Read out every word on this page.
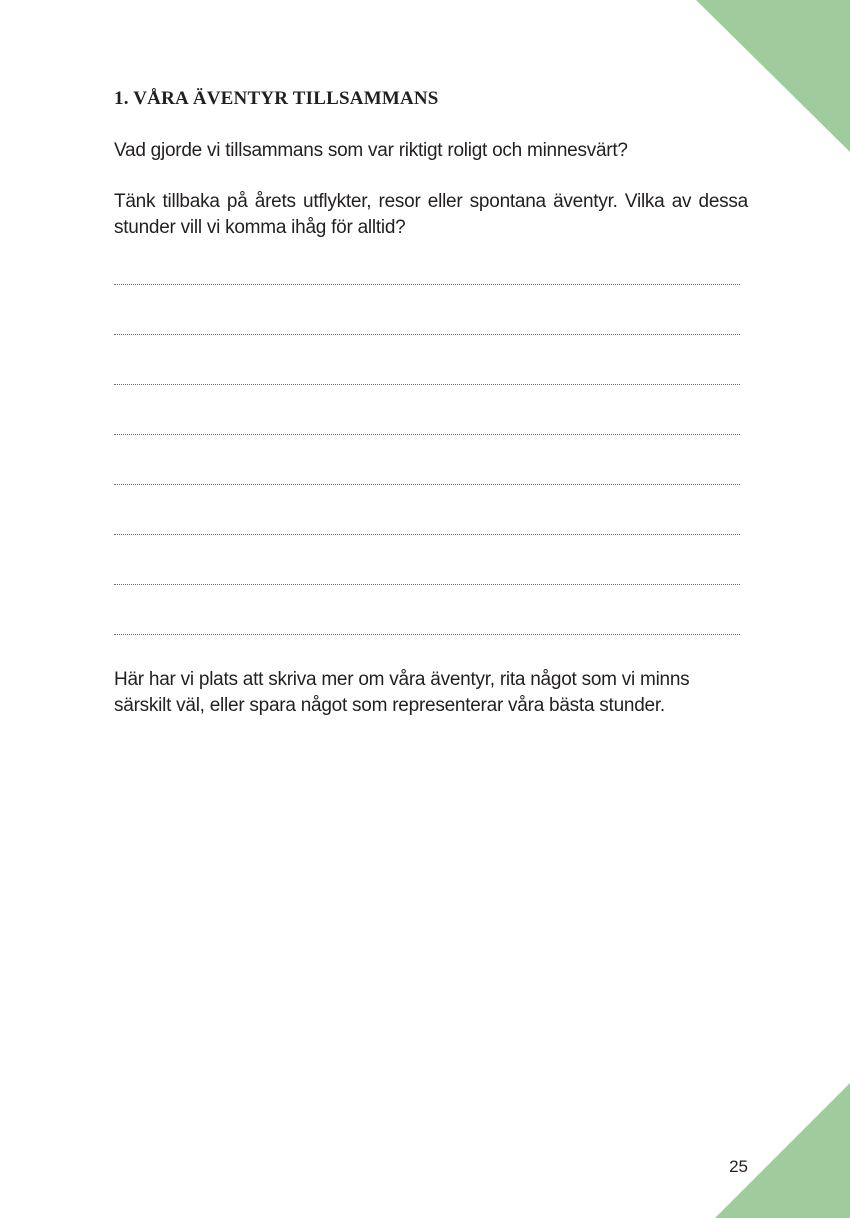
1. VÅRA ÄVENTYR TILLSAMMANS

Vad gjorde vi tillsammans som var riktigt roligt och minnesvärt?

Tänk tillbaka på årets utflykter, resor eller spontana äventyr. Vilka av dessa stunder vill vi komma ihåg för alltid?

Här har vi plats att skriva mer om våra äventyr, rita något som vi minns särskilt väl, eller spara något som representerar våra bästa stunder.

25
